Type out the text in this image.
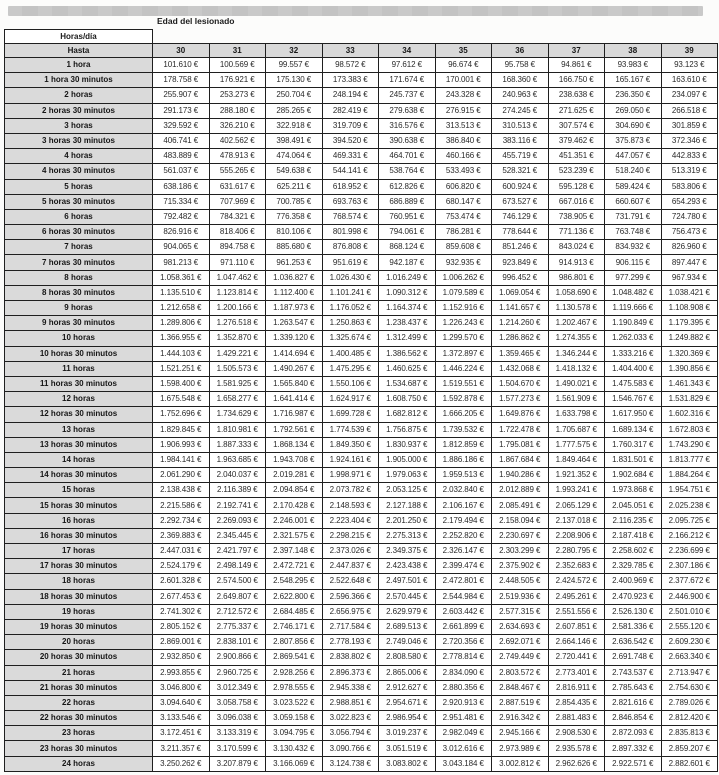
Edad del lesionado
Horas/día
Hasta	30	31	32	33	34	35	36	37	38	39
1 hora	101.610 €	100.569 €	99.557 €	98.572 €	97.612 €	96.674 €	95.758 €	94.861 €	93.983 €	93.123 €
1 hora 30 minutos	178.758 €	176.921 €	175.130 €	173.383 €	171.674 €	170.001 €	168.360 €	166.750 €	165.167 €	163.610 €
2 horas	255.907 €	253.273 €	250.704 €	248.194 €	245.737 €	243.328 €	240.963 €	238.638 €	236.350 €	234.097 €
2 horas 30 minutos	291.173 €	288.180 €	285.265 €	282.419 €	279.638 €	276.915 €	274.245 €	271.625 €	269.050 €	266.518 €
3 horas	329.592 €	326.210 €	322.918 €	319.709 €	316.576 €	313.513 €	310.513 €	307.574 €	304.690 €	301.859 €
3 horas 30 minutos	406.741 €	402.562 €	398.491 €	394.520 €	390.638 €	386.840 €	383.116 €	379.462 €	375.873 €	372.346 €
4 horas	483.889 €	478.913 €	474.064 €	469.331 €	464.701 €	460.166 €	455.719 €	451.351 €	447.057 €	442.833 €
4 horas 30 minutos	561.037 €	555.265 €	549.638 €	544.141 €	538.764 €	533.493 €	528.321 €	523.239 €	518.240 €	513.319 €
5 horas	638.186 €	631.617 €	625.211 €	618.952 €	612.826 €	606.820 €	600.924 €	595.128 €	589.424 €	583.806 €
5 horas 30 minutos	715.334 €	707.969 €	700.785 €	693.763 €	686.889 €	680.147 €	673.527 €	667.016 €	660.607 €	654.293 €
6 horas	792.482 €	784.321 €	776.358 €	768.574 €	760.951 €	753.474 €	746.129 €	738.905 €	731.791 €	724.780 €
6 horas 30 minutos	826.916 €	818.406 €	810.106 €	801.998 €	794.061 €	786.281 €	778.644 €	771.136 €	763.748 €	756.473 €
7 horas	904.065 €	894.758 €	885.680 €	876.808 €	868.124 €	859.608 €	851.246 €	843.024 €	834.932 €	826.960 €
7 horas 30 minutos	981.213 €	971.110 €	961.253 €	951.619 €	942.187 €	932.935 €	923.849 €	914.913 €	906.115 €	897.447 €
8 horas	1.058.361 €	1.047.462 €	1.036.827 €	1.026.430 €	1.016.249 €	1.006.262 €	996.452 €	986.801 €	977.299 €	967.934 €
8 horas 30 minutos	1.135.510 €	1.123.814 €	1.112.400 €	1.101.241 €	1.090.312 €	1.079.589 €	1.069.054 €	1.058.690 €	1.048.482 €	1.038.421 €
9 horas	1.212.658 €	1.200.166 €	1.187.973 €	1.176.052 €	1.164.374 €	1.152.916 €	1.141.657 €	1.130.578 €	1.119.666 €	1.108.908 €
9 horas 30 minutos	1.289.806 €	1.276.518 €	1.263.547 €	1.250.863 €	1.238.437 €	1.226.243 €	1.214.260 €	1.202.467 €	1.190.849 €	1.179.395 €
10 horas	1.366.955 €	1.352.870 €	1.339.120 €	1.325.674 €	1.312.499 €	1.299.570 €	1.286.862 €	1.274.355 €	1.262.033 €	1.249.882 €
10 horas 30 minutos	1.444.103 €	1.429.221 €	1.414.694 €	1.400.485 €	1.386.562 €	1.372.897 €	1.359.465 €	1.346.244 €	1.333.216 €	1.320.369 €
11 horas	1.521.251 €	1.505.573 €	1.490.267 €	1.475.295 €	1.460.625 €	1.446.224 €	1.432.068 €	1.418.132 €	1.404.400 €	1.390.856 €
11 horas 30 minutos	1.598.400 €	1.581.925 €	1.565.840 €	1.550.106 €	1.534.687 €	1.519.551 €	1.504.670 €	1.490.021 €	1.475.583 €	1.461.343 €
12 horas	1.675.548 €	1.658.277 €	1.641.414 €	1.624.917 €	1.608.750 €	1.592.878 €	1.577.273 €	1.561.909 €	1.546.767 €	1.531.829 €
12 horas 30 minutos	1.752.696 €	1.734.629 €	1.716.987 €	1.699.728 €	1.682.812 €	1.666.205 €	1.649.876 €	1.633.798 €	1.617.950 €	1.602.316 €
13 horas	1.829.845 €	1.810.981 €	1.792.561 €	1.774.539 €	1.756.875 €	1.739.532 €	1.722.478 €	1.705.687 €	1.689.134 €	1.672.803 €
13 horas 30 minutos	1.906.993 €	1.887.333 €	1.868.134 €	1.849.350 €	1.830.937 €	1.812.859 €	1.795.081 €	1.777.575 €	1.760.317 €	1.743.290 €
14 horas	1.984.141 €	1.963.685 €	1.943.708 €	1.924.161 €	1.905.000 €	1.886.186 €	1.867.684 €	1.849.464 €	1.831.501 €	1.813.777 €
14 horas 30 minutos	2.061.290 €	2.040.037 €	2.019.281 €	1.998.971 €	1.979.063 €	1.959.513 €	1.940.286 €	1.921.352 €	1.902.684 €	1.884.264 €
15 horas	2.138.438 €	2.116.389 €	2.094.854 €	2.073.782 €	2.053.125 €	2.032.840 €	2.012.889 €	1.993.241 €	1.973.868 €	1.954.751 €
15 horas 30 minutos	2.215.586 €	2.192.741 €	2.170.428 €	2.148.593 €	2.127.188 €	2.106.167 €	2.085.491 €	2.065.129 €	2.045.051 €	2.025.238 €
16 horas	2.292.734 €	2.269.093 €	2.246.001 €	2.223.404 €	2.201.250 €	2.179.494 €	2.158.094 €	2.137.018 €	2.116.235 €	2.095.725 €
16 horas 30 minutos	2.369.883 €	2.345.445 €	2.321.575 €	2.298.215 €	2.275.313 €	2.252.820 €	2.230.697 €	2.208.906 €	2.187.418 €	2.166.212 €
17 horas	2.447.031 €	2.421.797 €	2.397.148 €	2.373.026 €	2.349.375 €	2.326.147 €	2.303.299 €	2.280.795 €	2.258.602 €	2.236.699 €
17 horas 30 minutos	2.524.179 €	2.498.149 €	2.472.721 €	2.447.837 €	2.423.438 €	2.399.474 €	2.375.902 €	2.352.683 €	2.329.785 €	2.307.186 €
18 horas	2.601.328 €	2.574.500 €	2.548.295 €	2.522.648 €	2.497.501 €	2.472.801 €	2.448.505 €	2.424.572 €	2.400.969 €	2.377.672 €
18 horas 30 minutos	2.677.453 €	2.649.807 €	2.622.800 €	2.596.366 €	2.570.445 €	2.544.984 €	2.519.936 €	2.495.261 €	2.470.923 €	2.446.900 €
19 horas	2.741.302 €	2.712.572 €	2.684.485 €	2.656.975 €	2.629.979 €	2.603.442 €	2.577.315 €	2.551.556 €	2.526.130 €	2.501.010 €
19 horas 30 minutos	2.805.152 €	2.775.337 €	2.746.171 €	2.717.584 €	2.689.513 €	2.661.899 €	2.634.693 €	2.607.851 €	2.581.336 €	2.555.120 €
20 horas	2.869.001 €	2.838.101 €	2.807.856 €	2.778.193 €	2.749.046 €	2.720.356 €	2.692.071 €	2.664.146 €	2.636.542 €	2.609.230 €
20 horas 30 minutos	2.932.850 €	2.900.866 €	2.869.541 €	2.838.802 €	2.808.580 €	2.778.814 €	2.749.449 €	2.720.441 €	2.691.748 €	2.663.340 €
21 horas	2.993.855 €	2.960.725 €	2.928.256 €	2.896.373 €	2.865.006 €	2.834.090 €	2.803.572 €	2.773.401 €	2.743.537 €	2.713.947 €
21 horas 30 minutos	3.046.800 €	3.012.349 €	2.978.555 €	2.945.338 €	2.912.627 €	2.880.356 €	2.848.467 €	2.816.911 €	2.785.643 €	2.754.630 €
22 horas	3.094.640 €	3.058.758 €	3.023.522 €	2.988.851 €	2.954.671 €	2.920.913 €	2.887.519 €	2.854.435 €	2.821.616 €	2.789.026 €
22 horas 30 minutos	3.133.546 €	3.096.038 €	3.059.158 €	3.022.823 €	2.986.954 €	2.951.481 €	2.916.342 €	2.881.483 €	2.846.854 €	2.812.420 €
23 horas	3.172.451 €	3.133.319 €	3.094.795 €	3.056.794 €	3.019.237 €	2.982.049 €	2.945.166 €	2.908.530 €	2.872.093 €	2.835.813 €
23 horas 30 minutos	3.211.357 €	3.170.599 €	3.130.432 €	3.090.766 €	3.051.519 €	3.012.616 €	2.973.989 €	2.935.578 €	2.897.332 €	2.859.207 €
24 horas	3.250.262 €	3.207.879 €	3.166.069 €	3.124.738 €	3.083.802 €	3.043.184 €	3.002.812 €	2.962.626 €	2.922.571 €	2.882.601 €
